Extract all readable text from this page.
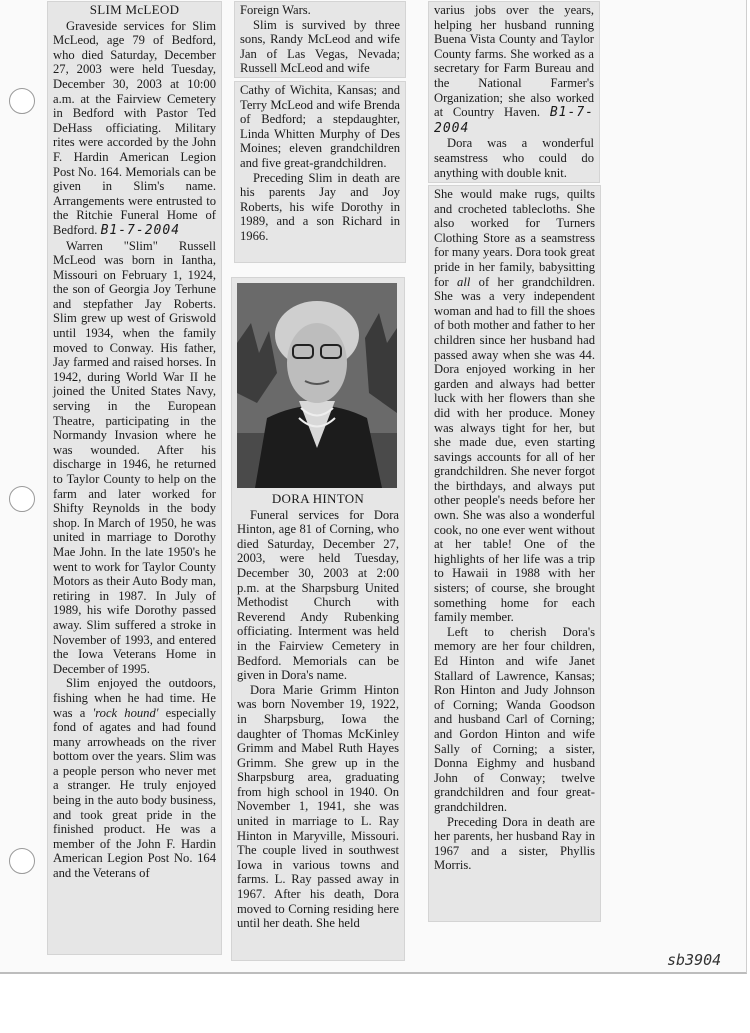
SLIM McLEOD

Graveside services for Slim McLeod, age 79 of Bedford, who died Saturday, December 27, 2003 were held Tuesday, December 30, 2003 at 10:00 a.m. at the Fairview Cemetery in Bedford with Pastor Ted DeHass officiating. Military rites were accorded by the John F. Hardin American Legion Post No. 164. Memorials can be given in Slim's name. Arrangements were entrusted to the Ritchie Funeral Home of Bedford. B1-7-2004

Warren "Slim" Russell McLeod was born in Iantha, Missouri on February 1, 1924, the son of Georgia Joy Terhune and stepfather Jay Roberts. Slim grew up west of Griswold until 1934, when the family moved to Conway. His father, Jay farmed and raised horses. In 1942, during World War II he joined the United States Navy, serving in the European Theatre, participating in the Normandy Invasion where he was wounded. After his discharge in 1946, he returned to Taylor County to help on the farm and later worked for Shifty Reynolds in the body shop. In March of 1950, he was united in marriage to Dorothy Mae John. In the late 1950's he went to work for Taylor County Motors as their Auto Body man, retiring in 1987. In July of 1989, his wife Dorothy passed away. Slim suffered a stroke in November of 1993, and entered the Iowa Veterans Home in December of 1995.

Slim enjoyed the outdoors, fishing when he had time. He was a 'rock hound' especially fond of agates and had found many arrowheads on the river bottom over the years. Slim was a people person who never met a stranger. He truly enjoyed being in the auto body business, and took great pride in the finished product. He was a member of the John F. Hardin American Legion Post No. 164 and the Veterans of

Foreign Wars.

Slim is survived by three sons, Randy McLeod and wife Jan of Las Vegas, Nevada; Russell McLeod and wife

Cathy of Wichita, Kansas; and Terry McLeod and wife Brenda of Bedford; a stepdaughter, Linda Whitten Murphy of Des Moines; eleven grandchildren and five great-grandchildren.

Preceding Slim in death are his parents Jay and Joy Roberts, his wife Dorothy in 1989, and a son Richard in 1966.

DORA HINTON

Funeral services for Dora Hinton, age 81 of Corning, who died Saturday, December 27, 2003, were held Tuesday, December 30, 2003 at 2:00 p.m. at the Sharpsburg United Methodist Church with Reverend Andy Rubenking officiating. Interment was held in the Fairview Cemetery in Bedford. Memorials can be given in Dora's name.

Dora Marie Grimm Hinton was born November 19, 1922, in Sharpsburg, Iowa the daughter of Thomas McKinley Grimm and Mabel Ruth Hayes Grimm. She grew up in the Sharpsburg area, graduating from high school in 1940. On November 1, 1941, she was united in marriage to L. Ray Hinton in Maryville, Missouri. The couple lived in southwest Iowa in various towns and farms. L. Ray passed away in 1967. After his death, Dora moved to Corning residing here until her death. She held

varius jobs over the years, helping her husband running Buena Vista County and Taylor County farms. She worked as a secretary for Farm Bureau and the National Farmer's Organization; she also worked at Country Haven. B1-7-2004

Dora was a wonderful seamstress who could do anything with double knit.

She would make rugs, quilts and crocheted tablecloths. She also worked for Turners Clothing Store as a seamstress for many years. Dora took great pride in her family, babysitting for all of her grandchildren. She was a very independent woman and had to fill the shoes of both mother and father to her children since her husband had passed away when she was 44. Dora enjoyed working in her garden and always had better luck with her flowers than she did with her produce. Money was always tight for her, but she made due, even starting savings accounts for all of her grandchildren. She never forgot the birthdays, and always put other people's needs before her own. She was also a wonderful cook, no one ever went without at her table! One of the highlights of her life was a trip to Hawaii in 1988 with her sisters; of course, she brought something home for each family member.

Left to cherish Dora's memory are her four children, Ed Hinton and wife Janet Stallard of Lawrence, Kansas; Ron Hinton and Judy Johnson of Corning; Wanda Goodson and husband Carl of Corning; and Gordon Hinton and wife Sally of Corning; a sister, Donna Eighmy and husband John of Conway; twelve grandchildren and four great-grandchildren.

Preceding Dora in death are her parents, her husband Ray in 1967 and a sister, Phyllis Morris.

sb3904
